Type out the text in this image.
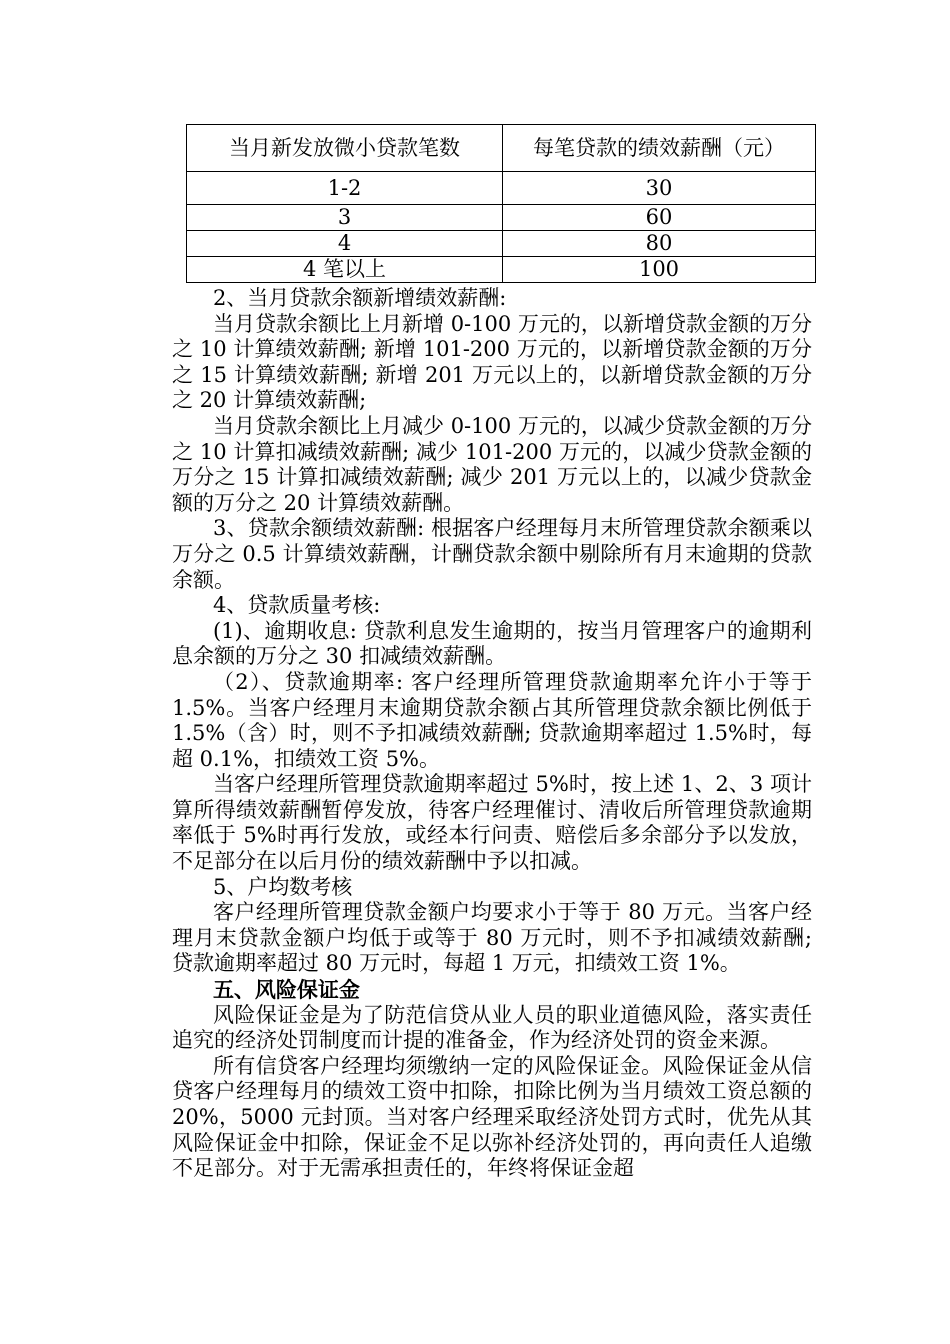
当月新发放微小贷款笔数	每笔贷款的绩效薪酬（元）
1-2	30
3	60
4	80
4 笔以上	100

2、当月贷款余额新增绩效薪酬:

当月贷款余额比上月新增 0-100 万元的，以新增贷款金额的万分之 10 计算绩效薪酬; 新增 101-200 万元的，以新增贷款金额的万分之 15 计算绩效薪酬; 新增 201 万元以上的，以新增贷款金额的万分之 20 计算绩效薪酬;

当月贷款余额比上月减少 0-100 万元的，以减少贷款金额的万分之 10 计算扣减绩效薪酬; 减少 101-200 万元的，以减少贷款金额的万分之 15 计算扣减绩效薪酬; 减少 201 万元以上的，以减少贷款金额的万分之 20 计算绩效薪酬。

3、贷款余额绩效薪酬: 根据客户经理每月末所管理贷款余额乘以万分之 0.5 计算绩效薪酬，计酬贷款余额中剔除所有月末逾期的贷款余额。

4、贷款质量考核:

(1)、逾期收息: 贷款利息发生逾期的，按当月管理客户的逾期利息余额的万分之 30 扣减绩效薪酬。

（2）、贷款逾期率: 客户经理所管理贷款逾期率允许小于等于 1.5%。当客户经理月末逾期贷款余额占其所管理贷款余额比例低于 1.5%（含）时，则不予扣减绩效薪酬; 贷款逾期率超过 1.5%时，每超 0.1%，扣绩效工资 5%。

当客户经理所管理贷款逾期率超过 5%时，按上述 1、2、3 项计算所得绩效薪酬暂停发放，待客户经理催讨、清收后所管理贷款逾期率低于 5%时再行发放，或经本行问责、赔偿后多余部分予以发放，不足部分在以后月份的绩效薪酬中予以扣减。

5、户均数考核

客户经理所管理贷款金额户均要求小于等于 80 万元。当客户经理月末贷款金额户均低于或等于 80 万元时，则不予扣减绩效薪酬; 贷款逾期率超过 80 万元时，每超 1 万元，扣绩效工资 1%。

五、风险保证金

风险保证金是为了防范信贷从业人员的职业道德风险，落实责任追究的经济处罚制度而计提的准备金，作为经济处罚的资金来源。

所有信贷客户经理均须缴纳一定的风险保证金。风险保证金从信贷客户经理每月的绩效工资中扣除，扣除比例为当月绩效工资总额的 20%，5000 元封顶。当对客户经理采取经济处罚方式时，优先从其风险保证金中扣除，保证金不足以弥补经济处罚的，再向责任人追缴不足部分。对于无需承担责任的，年终将保证金超
